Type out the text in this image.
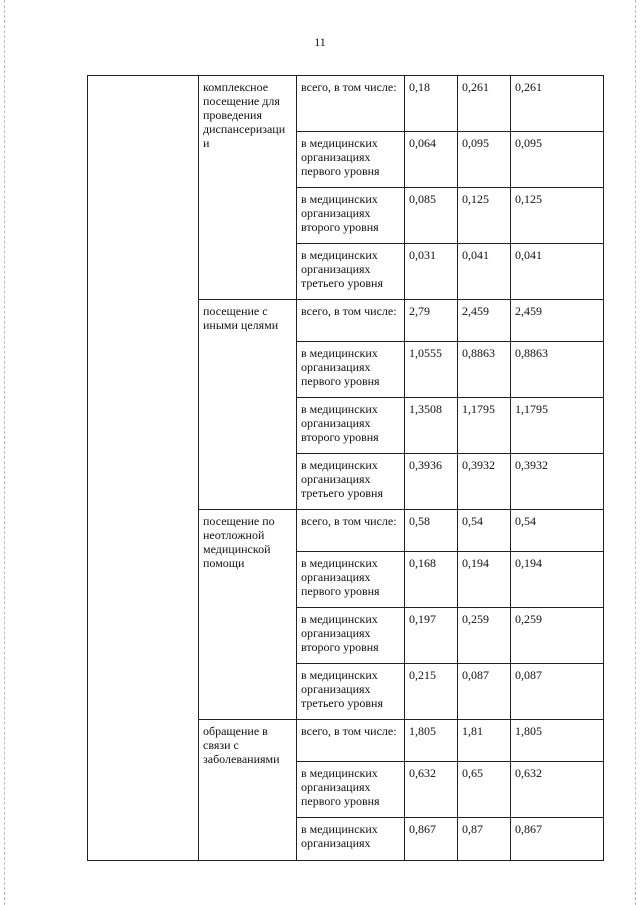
11
	комплексное посещение для проведения диспансеризаци и	всего, в том числе:	0,18	0,261	0,261
		в медицинских организациях первого уровня	0,064	0,095	0,095
		в медицинских организациях второго уровня	0,085	0,125	0,125
		в медицинских организациях третьего уровня	0,031	0,041	0,041
	посещение с иными целями	всего, в том числе:	2,79	2,459	2,459
		в медицинских организациях первого уровня	1,0555	0,8863	0,8863
		в медицинских организациях второго уровня	1,3508	1,1795	1,1795
		в медицинских организациях третьего уровня	0,3936	0,3932	0,3932
	посещение по неотложной медицинской помощи	всего, в том числе:	0,58	0,54	0,54
		в медицинских организациях первого уровня	0,168	0,194	0,194
		в медицинских организациях второго уровня	0,197	0,259	0,259
		в медицинских организациях третьего уровня	0,215	0,087	0,087
	обращение в связи с заболеваниями	всего, в том числе:	1,805	1,81	1,805
		в медицинских организациях первого уровня	0,632	0,65	0,632
		в медицинских организациях	0,867	0,87	0,867
